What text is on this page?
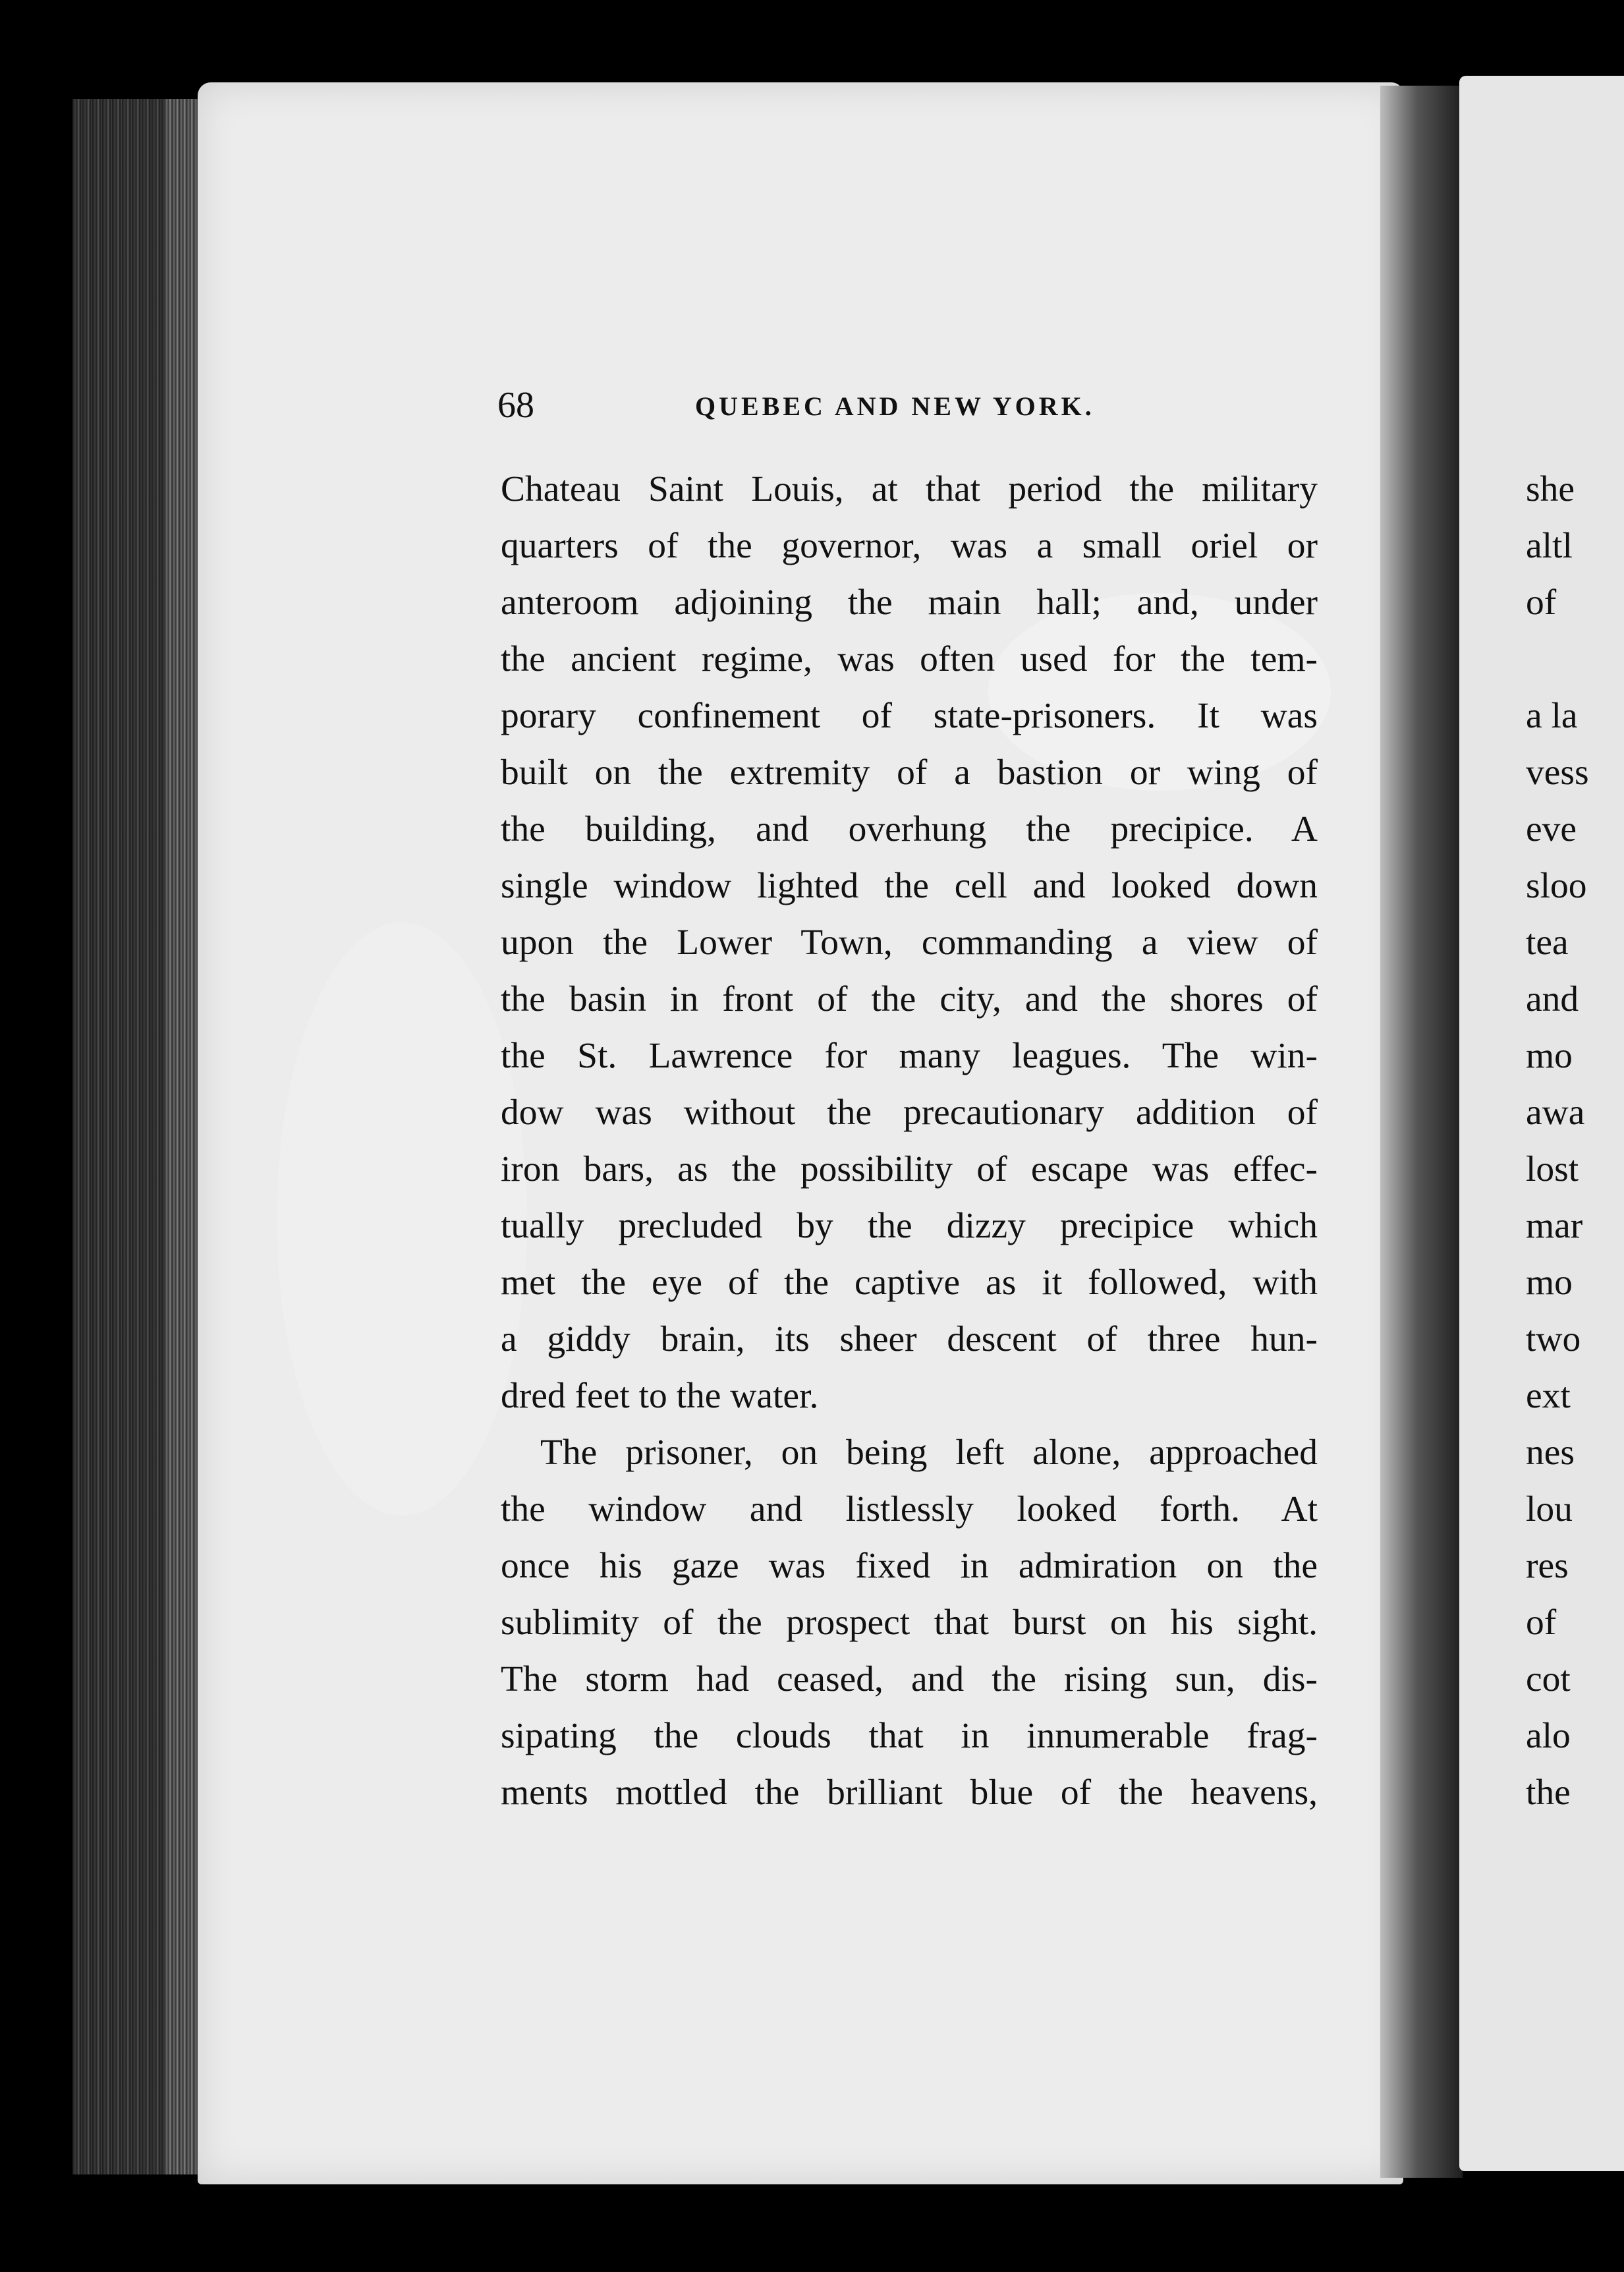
68	QUEBEC AND NEW YORK.
Chateau Saint Louis, at that period the military
quarters of the governor, was a small oriel or
anteroom adjoining the main hall; and, under
the ancient regime, was often used for the tem-
porary confinement of state-prisoners. It was
built on the extremity of a bastion or wing of
the building, and overhung the precipice. A
single window lighted the cell and looked down
upon the Lower Town, commanding a view of
the basin in front of the city, and the shores of
the St. Lawrence for many leagues. The win-
dow was without the precautionary addition of
iron bars, as the possibility of escape was effec-
tually precluded by the dizzy precipice which
met the eye of the captive as it followed, with
a giddy brain, its sheer descent of three hun-
dred feet to the water.
The prisoner, on being left alone, approached
the window and listlessly looked forth. At
once his gaze was fixed in admiration on the
sublimity of the prospect that burst on his sight.
The storm had ceased, and the rising sun, dis-
sipating the clouds that in innumerable frag-
ments mottled the brilliant blue of the heavens,
she
altl
of
a la
vess
eve
sloo
tea
and
mo
awa
lost
mar
mo
two
ext
nes
lou
res
of
cot
alo
the
